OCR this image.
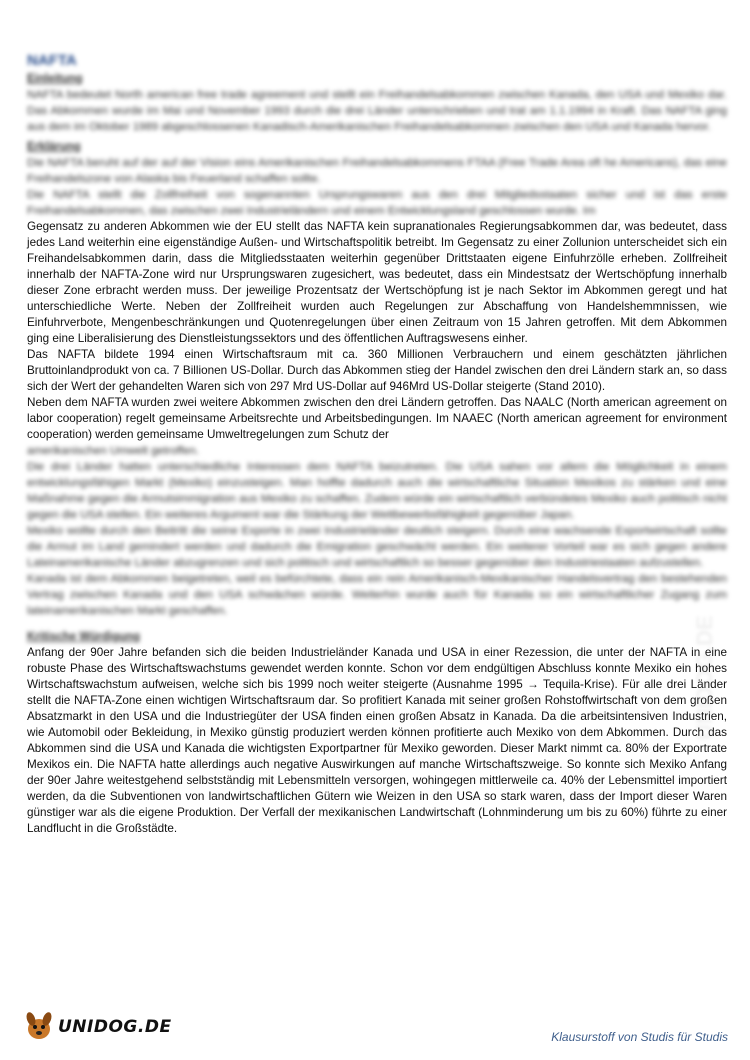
NAFTA
Einleitung

NAFTA bedeutet North american free trade agreement und stellt ein Freihandelsabkommen zwischen Kanada, den USA und Mexiko dar. Das Abkommen wurde im Mai und November 1993 durch die drei Länder unterschrieben und trat am 1.1.1994 in Kraft. Das NAFTA ging aus dem im Oktober 1989 abgeschlossenen Kanadisch-Amerikanischen Freihandelsabkommen zwischen den USA und Kanada hervor.

Erklärung

Die NAFTA beruht auf der auf der Vision eins Amerikanischen Freihandelsabkommens FTAA (Free Trade Area oft he Americans), das eine Freihandelszone von Alaska bis Feuerland schaffen sollte.

Die NAFTA stellt die Zollfreiheit von sogenannten Ursprungswaren aus den drei Mitgliedsstaaten sicher und ist das erste Freihandelsabkommen, das zwischen zwei Industrieländern und einem Entwicklungsland geschlossen wurde. Im

Gegensatz zu anderen Abkommen wie der EU stellt das NAFTA kein supranationales Regierungsabkommen dar, was bedeutet, dass jedes Land weiterhin eine eigenständige Außen- und Wirtschaftspolitik betreibt. Im Gegensatz zu einer Zollunion unterscheidet sich ein Freihandelsabkommen darin, dass die Mitgliedsstaaten weiterhin gegenüber Drittstaaten eigene Einfuhrzölle erheben. Zollfreiheit innerhalb der NAFTA-Zone wird nur Ursprungswaren zugesichert, was bedeutet, dass ein Mindestsatz der Wertschöpfung innerhalb dieser Zone erbracht werden muss. Der jeweilige Prozentsatz der Wertschöpfung ist je nach Sektor im Abkommen geregt und hat unterschiedliche Werte. Neben der Zollfreiheit wurden auch Regelungen zur Abschaffung von Handelshemmnissen, wie Einfuhrverbote, Mengenbeschränkungen und Quotenregelungen über einen Zeitraum von 15 Jahren getroffen. Mit dem Abkommen ging eine Liberalisierung des Dienstleistungssektors und des öffentlichen Auftragswesens einher.

Das NAFTA bildete 1994 einen Wirtschaftsraum mit ca. 360 Millionen Verbrauchern und einem geschätzten jährlichen Bruttoinlandprodukt von ca. 7 Billionen US-Dollar. Durch das Abkommen stieg der Handel zwischen den drei Ländern stark an, so dass sich der Wert der gehandelten Waren sich von 297 Mrd US-Dollar auf 946Mrd US-Dollar steigerte (Stand 2010).

Neben dem NAFTA wurden zwei weitere Abkommen zwischen den drei Ländern getroffen. Das NAALC (North american agreement on labor cooperation) regelt gemeinsame Arbeitsrechte und Arbeitsbedingungen. Im NAAEC (North american agreement for environment cooperation) werden gemeinsame Umweltregelungen zum Schutz der

amerikanischen Umwelt getroffen.

Die drei Länder hatten unterschiedliche Interessen dem NAFTA beizutreten. Die USA sahen vor allem die Möglichkeit in einem entwicklungsfähigen Markt (Mexiko) einzusteigen. Man hoffte dadurch auch die wirtschaftliche Situation Mexikos zu stärken und eine Maßnahme gegen die Armutsimmigration aus Mexiko zu schaffen. Zudem würde ein wirtschaftlich verbündetes Mexiko auch politisch nicht gegen die USA stellen. Ein weiteres Argument war die Stärkung der Wettbewerbsfähigkeit gegenüber Japan.

Mexiko wollte durch den Beitritt die seine Exporte in zwei Industrieländer deutlich steigern. Durch eine wachsende Exportwirtschaft sollte die Armut im Land gemindert werden und dadurch die Emigration geschwächt werden. Ein weiterer Vorteil war es sich gegen andere Lateinamerikanische Länder abzugrenzen und sich politisch und wirtschaftlich so besser gegenüber den Industriestaaten aufzustellen.

Kanada ist dem Abkommen beigetreten, weil es befürchtete, dass ein rein Amerikanisch-Mexikanischer Handelsvertrag den bestehenden Vertrag zwischen Kanada und den USA schwächen würde. Weiterhin wurde auch für Kanada so ein wirtschaftlicher Zugang zum lateinamerikanischen Markt geschaffen.

Kritische Würdigung

Anfang der 90er Jahre befanden sich die beiden Industrieländer Kanada und USA in einer Rezession, die unter der NAFTA in eine robuste Phase des Wirtschaftswachstums gewendet werden konnte. Schon vor dem endgültigen Abschluss konnte Mexiko ein hohes Wirtschaftswachstum aufweisen, welche sich bis 1999 noch weiter steigerte (Ausnahme 1995 → Tequila-Krise). Für alle drei Länder stellt die NAFTA-Zone einen wichtigen Wirtschaftsraum dar. So profitiert Kanada mit seiner großen Rohstoffwirtschaft von dem großen Absatzmarkt in den USA und die Industriegüter der USA finden einen großen Absatz in Kanada. Da die arbeitsintensiven Industrien, wie Automobil oder Bekleidung, in Mexiko günstig produziert werden können profitierte auch Mexiko von dem Abkommen. Durch das Abkommen sind die USA und Kanada die wichtigsten Exportpartner für Mexiko geworden. Dieser Markt nimmt ca. 80% der Exportrate Mexikos ein. Die NAFTA hatte allerdings auch negative Auswirkungen auf manche Wirtschaftszweige. So konnte sich Mexiko Anfang der 90er Jahre weitestgehend selbstständig mit Lebensmitteln versorgen, wohingegen mittlerweile ca. 40% der Lebensmittel importiert werden, da die Subventionen von landwirtschaftlichen Gütern wie Weizen in den USA so stark waren, dass der Import dieser Waren günstiger war als die eigene Produktion. Der Verfall der mexikanischen Landwirtschaft (Lohnminderung um bis zu 60%) führte zu einer Landflucht in die Großstädte.

UNIDOG.DE
UNIDOG.DE	Klausurstoff von Studis für Studis
